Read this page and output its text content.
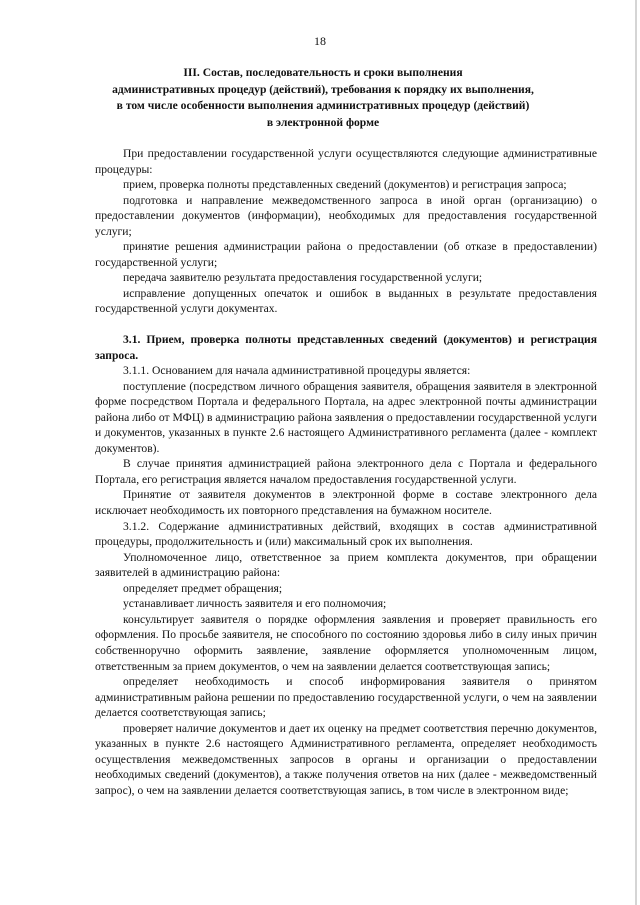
18
III. Состав, последовательность и сроки выполнения
административных процедур (действий), требования к порядку их выполнения,
в том числе особенности выполнения административных процедур (действий)
в электронной форме

При предоставлении государственной услуги осуществляются следующие административные процедуры:

прием, проверка полноты представленных сведений (документов) и регистрация запроса;

подготовка и направление межведомственного запроса в иной орган (организацию) о предоставлении документов (информации), необходимых для предоставления государственной услуги;

принятие решения администрации района о предоставлении (об отказе в предоставлении) государственной услуги;

передача заявителю результата предоставления государственной услуги;

исправление допущенных опечаток и ошибок в выданных в результате предоставления государственной услуги документах.

3.1. Прием, проверка полноты представленных сведений (документов) и регистрация запроса.

3.1.1. Основанием для начала административной процедуры является:

поступление (посредством личного обращения заявителя, обращения заявителя в электронной форме посредством Портала и федерального Портала, на адрес электронной почты администрации района либо от МФЦ) в администрацию района заявления о предоставлении государственной услуги и документов, указанных в пункте 2.6 настоящего Административного регламента (далее - комплект документов).

В случае принятия администрацией района электронного дела с Портала и федерального Портала, его регистрация является началом предоставления государственной услуги.

Принятие от заявителя документов в электронной форме в составе электронного дела исключает необходимость их повторного представления на бумажном носителе.

3.1.2. Содержание административных действий, входящих в состав административной процедуры, продолжительность и (или) максимальный срок их выполнения.

Уполномоченное лицо, ответственное за прием комплекта документов, при обращении заявителей в администрацию района:

определяет предмет обращения;

устанавливает личность заявителя и его полномочия;

консультирует заявителя о порядке оформления заявления и проверяет правильность его оформления. По просьбе заявителя, не способного по состоянию здоровья либо в силу иных причин собственноручно оформить заявление, заявление оформляется уполномоченным лицом, ответственным за прием документов, о чем на заявлении делается соответствующая запись;

определяет необходимость и способ информирования заявителя о принятом административным района решении по предоставлению государственной услуги, о чем на заявлении делается соответствующая запись;

проверяет наличие документов и дает их оценку на предмет соответствия перечню документов, указанных в пункте 2.6 настоящего Административного регламента, определяет необходимость осуществления межведомственных запросов в органы и организации о предоставлении необходимых сведений (документов), а также получения ответов на них (далее - межведомственный запрос), о чем на заявлении делается соответствующая запись, в том числе в электронном виде;
